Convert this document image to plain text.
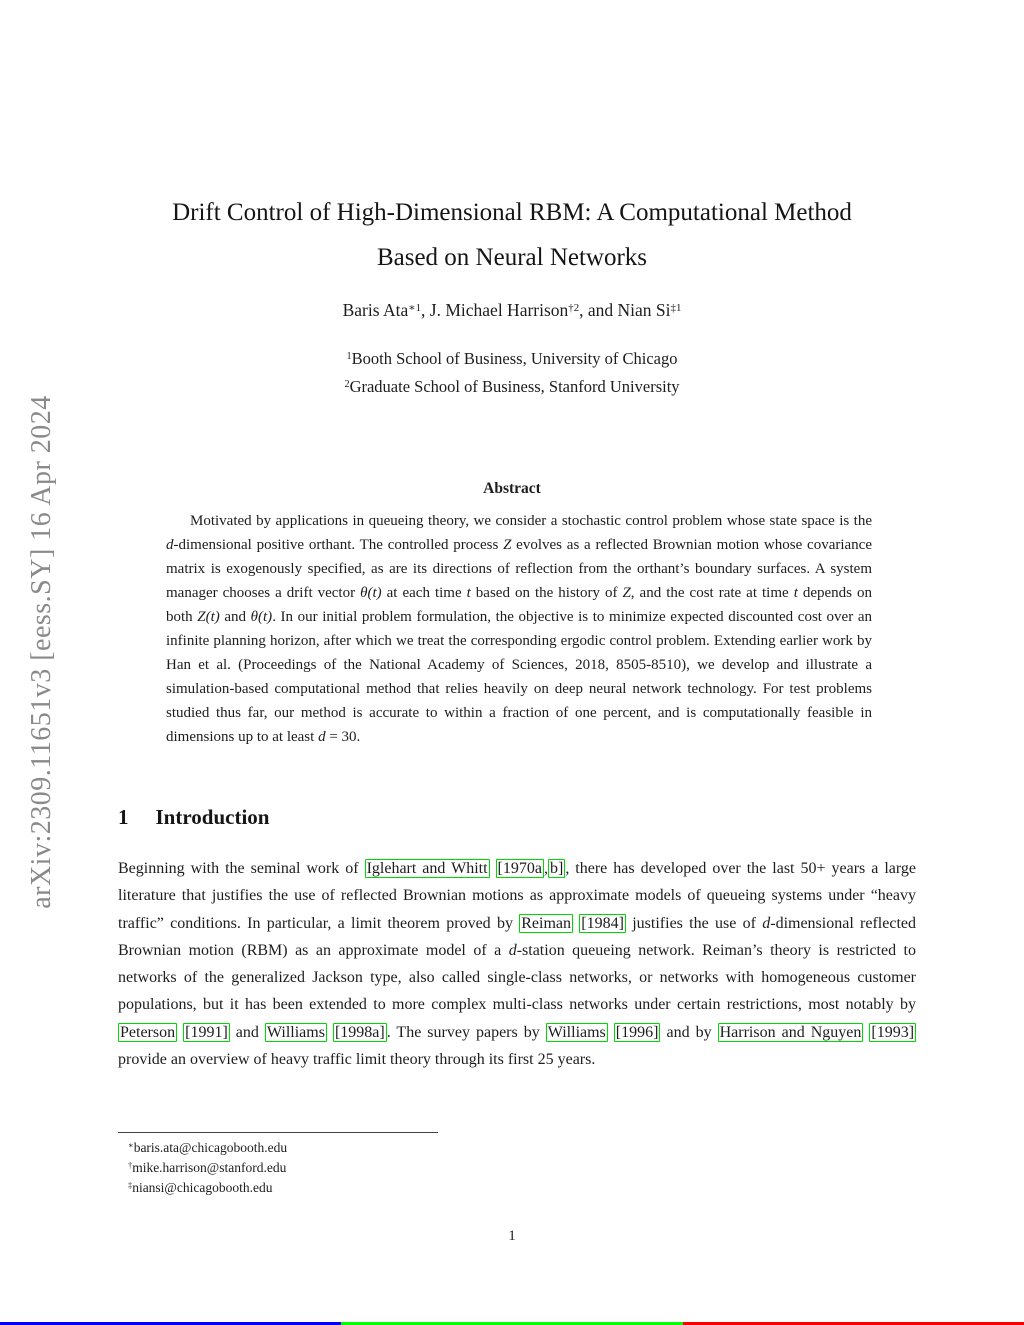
arXiv:2309.11651v3 [eess.SY] 16 Apr 2024
Drift Control of High-Dimensional RBM: A Computational Method
Based on Neural Networks
Baris Ata$^{∗1}$, J. Michael Harrison$^{\dagger 2}$, and Nian Si$^{\ddagger 1}$
$^1$Booth School of Business, University of Chicago
$^2$Graduate School of Business, Stanford University
Abstract
Motivated by applications in queueing theory, we consider a stochastic control problem whose state space is the d-dimensional positive orthant. The controlled process Z evolves as a reflected Brownian motion whose covariance matrix is exogenously specified, as are its directions of reflection from the orthant’s boundary surfaces. A system manager chooses a drift vector θ(t) at each time t based on the history of Z, and the cost rate at time t depends on both Z(t) and θ(t). In our initial problem formulation, the objective is to minimize expected discounted cost over an infinite planning horizon, after which we treat the corresponding ergodic control problem. Extending earlier work by Han et al. (Proceedings of the National Academy of Sciences, 2018, 8505-8510), we develop and illustrate a simulation-based computational method that relies heavily on deep neural network technology. For test problems studied thus far, our method is accurate to within a fraction of one percent, and is computationally feasible in dimensions up to at least d = 30.
1 Introduction
Beginning with the seminal work of Iglehart and Whitt [1970a , b] , there has developed over the last 50+ years a large literature that justifies the use of reflected Brownian motions as approximate models of queueing systems under “heavy traffic” conditions. In particular, a limit theorem proved by Reiman [1984] justifies the use of d-dimensional reflected Brownian motion (RBM) as an approximate model of a d-station queueing network. Reiman’s theory is restricted to networks of the generalized Jackson type, also called single-class networks, or networks with homogeneous customer populations, but it has been extended to more complex multi-class networks under certain restrictions, most notably by Peterson [1991] and Williams [1998a] . The survey papers by Williams [1996] and by Harrison and Nguyen [1993] provide an overview of heavy traffic limit theory through its first 25 years.
∗baris.ata@chicagobooth.edu
†mike.harrison@stanford.edu
‡niansi@chicagobooth.edu
1
